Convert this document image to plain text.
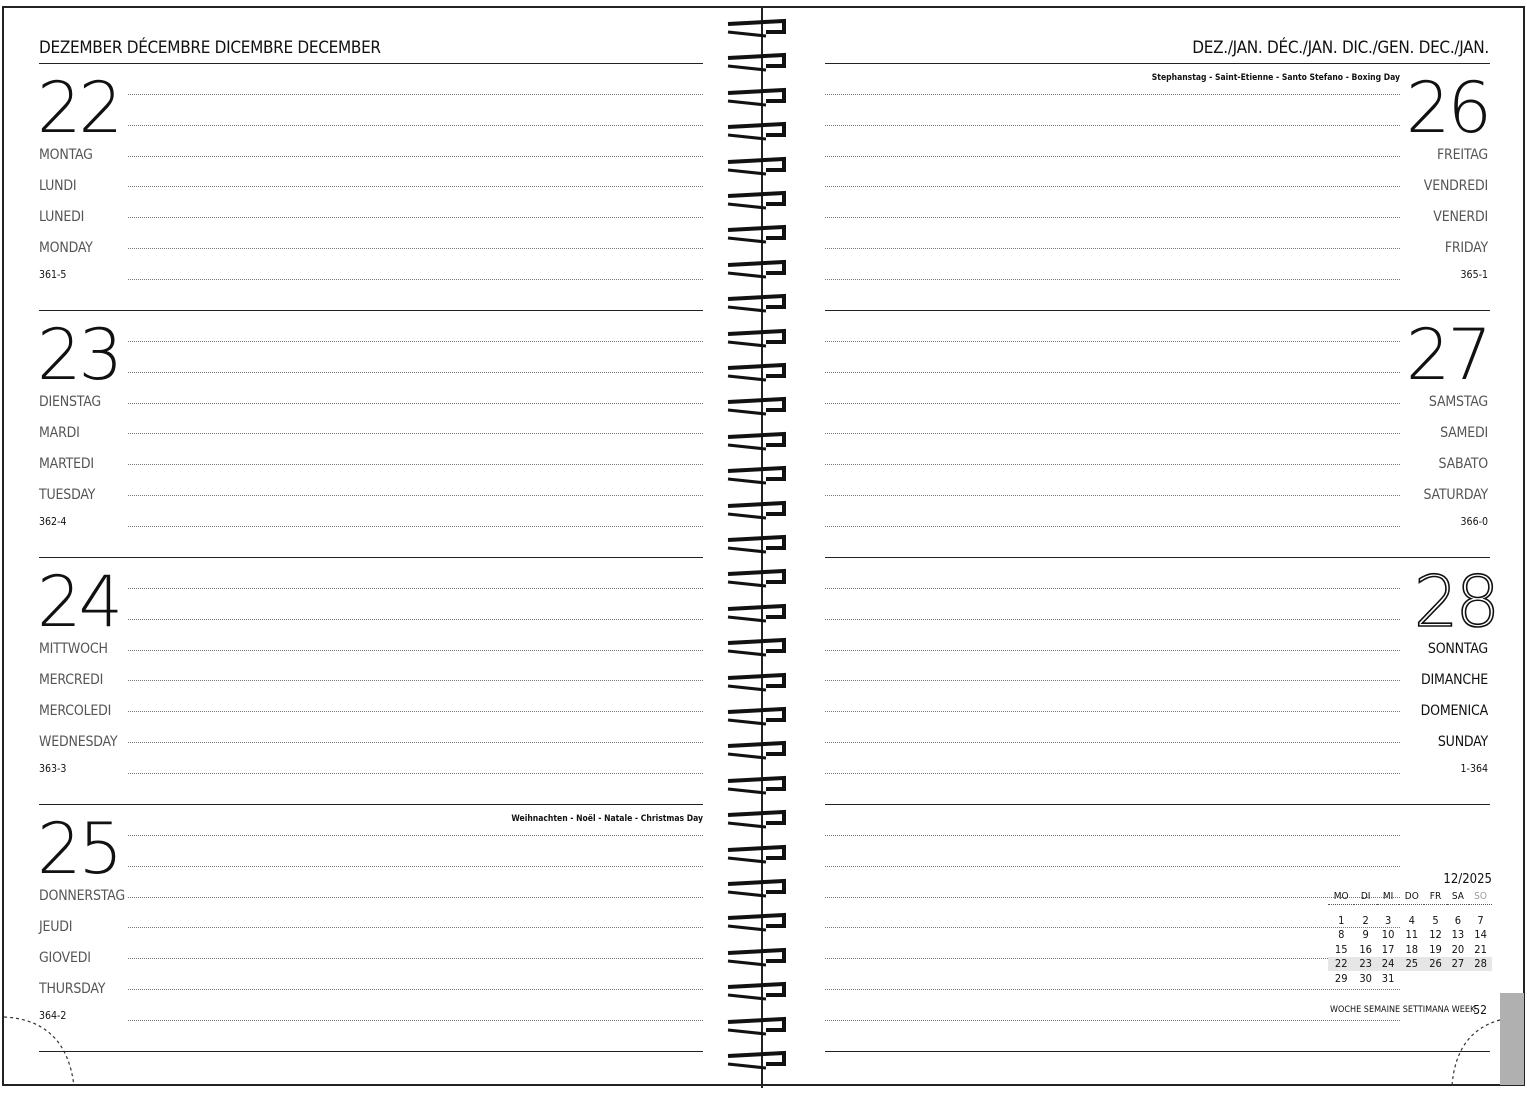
DEZEMBER DÉCEMBRE DICEMBRE DECEMBER
22
MONTAG
LUNDI
LUNEDI
MONDAY
361-5
23
DIENSTAG
MARDI
MARTEDI
TUESDAY
362-4
24
MITTWOCH
MERCREDI
MERCOLEDI
WEDNESDAY
363-3
25
DONNERSTAG
JEUDI
GIOVEDI
THURSDAY
364-2
Weihnachten - Noël - Natale - Christmas Day
DEZ./JAN. DÉC./JAN. DIC./GEN. DEC./JAN.
26
FREITAG
VENDREDI
VENERDI
FRIDAY
365-1
Stephanstag - Saint-Etienne - Santo Stefano - Boxing Day
27
SAMSTAG
SAMEDI
SABATO
SATURDAY
366-0
28
SONNTAG
DIMANCHE
DOMENICA
SUNDAY
1-364
12/2025
MO	DI	MI	DO	FR	SA	SO

1	2	3	4	5	6	7
8	9	10	11	12	13	14
15	16	17	18	19	20	21
22	23	24	25	26	27	28
29	30	31				
WOCHE SEMAINE SETTIMANA WEEK
52
